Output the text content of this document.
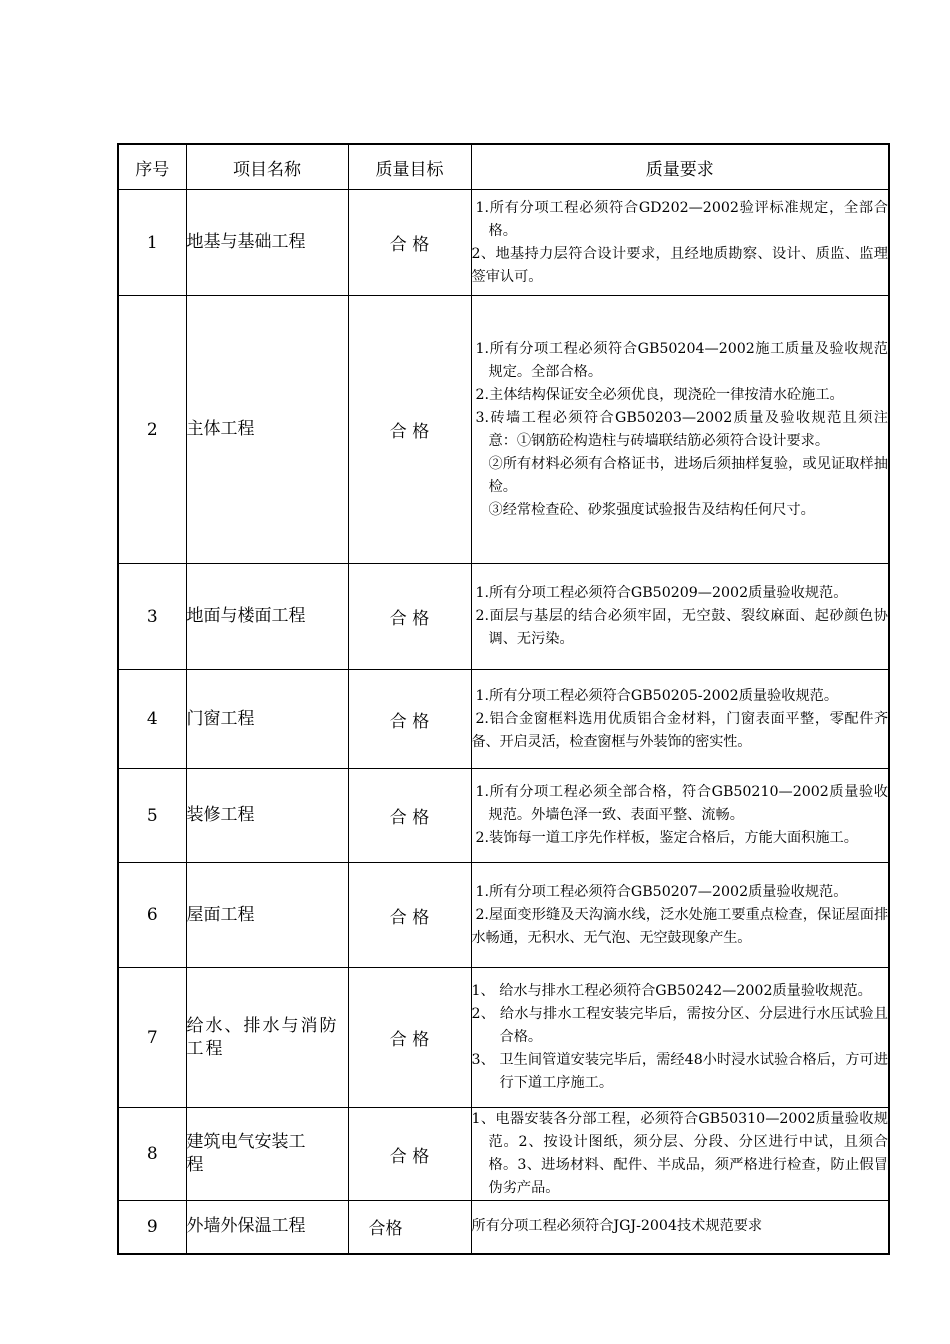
序号	项目名称	质量目标	质量要求
1	地基与基础工程	合 格	1.所有分项工程必须符合GD202—2002验评标准规定，全部合格。

2、地基持力层符合设计要求，且经地质勘察、设计、质监、监理签审认可。

2	主体工程	合 格	1.所有分项工程必须符合GB50204—2002施工质量及验收规范规定。全部合格。

2.主体结构保证安全必须优良，现浇砼一律按清水砼施工。

3.砖墙工程必须符合GB50203—2002质量及验收规范且须注意：①钢筋砼构造柱与砖墙联结筋必须符合设计要求。

②所有材料必须有合格证书，进场后须抽样复验，或见证取样抽检。

③经常检查砼、砂浆强度试验报告及结构任何尺寸。

3	地面与楼面工程	合 格	1.所有分项工程必须符合GB50209—2002质量验收规范。

2.面层与基层的结合必须牢固，无空鼓、裂纹麻面、起砂颜色协调、无污染。

4	门窗工程	合 格	1.所有分项工程必须符合GB50205-2002质量验收规范。

2.铝合金窗框料选用优质铝合金材料，门窗表面平整，零配件齐备、开启灵活，检查窗框与外装饰的密实性。

5	装修工程	合 格	1.所有分项工程必须全部合格，符合GB50210—2002质量验收规范。外墙色泽一致、表面平整、流畅。

2.装饰每一道工序先作样板，鉴定合格后，方能大面积施工。

6	屋面工程	合 格	1.所有分项工程必须符合GB50207—2002质量验收规范。

2.屋面变形缝及天沟滴水线，泛水处施工要重点检查，保证屋面排水畅通，无积水、无气泡、无空鼓现象产生。

7	给水、排水与消防工程	合 格	1、 给水与排水工程必须符合GB50242—2002质量验收规范。

2、 给水与排水工程安装完毕后，需按分区、分层进行水压试验且合格。

3、 卫生间管道安装完毕后，需经48小时浸水试验合格后，方可进行下道工序施工。

8	建筑电气安装工程	合 格	1、电器安装各分部工程，必须符合GB50310—2002质量验收规范。2、按设计图纸，须分层、分段、分区进行中试，且须合格。3、进场材料、配件、半成品，须严格进行检查，防止假冒伪劣产品。

9	外墙外保温工程	合格	所有分项工程必须符合JGJ-2004技术规范要求
